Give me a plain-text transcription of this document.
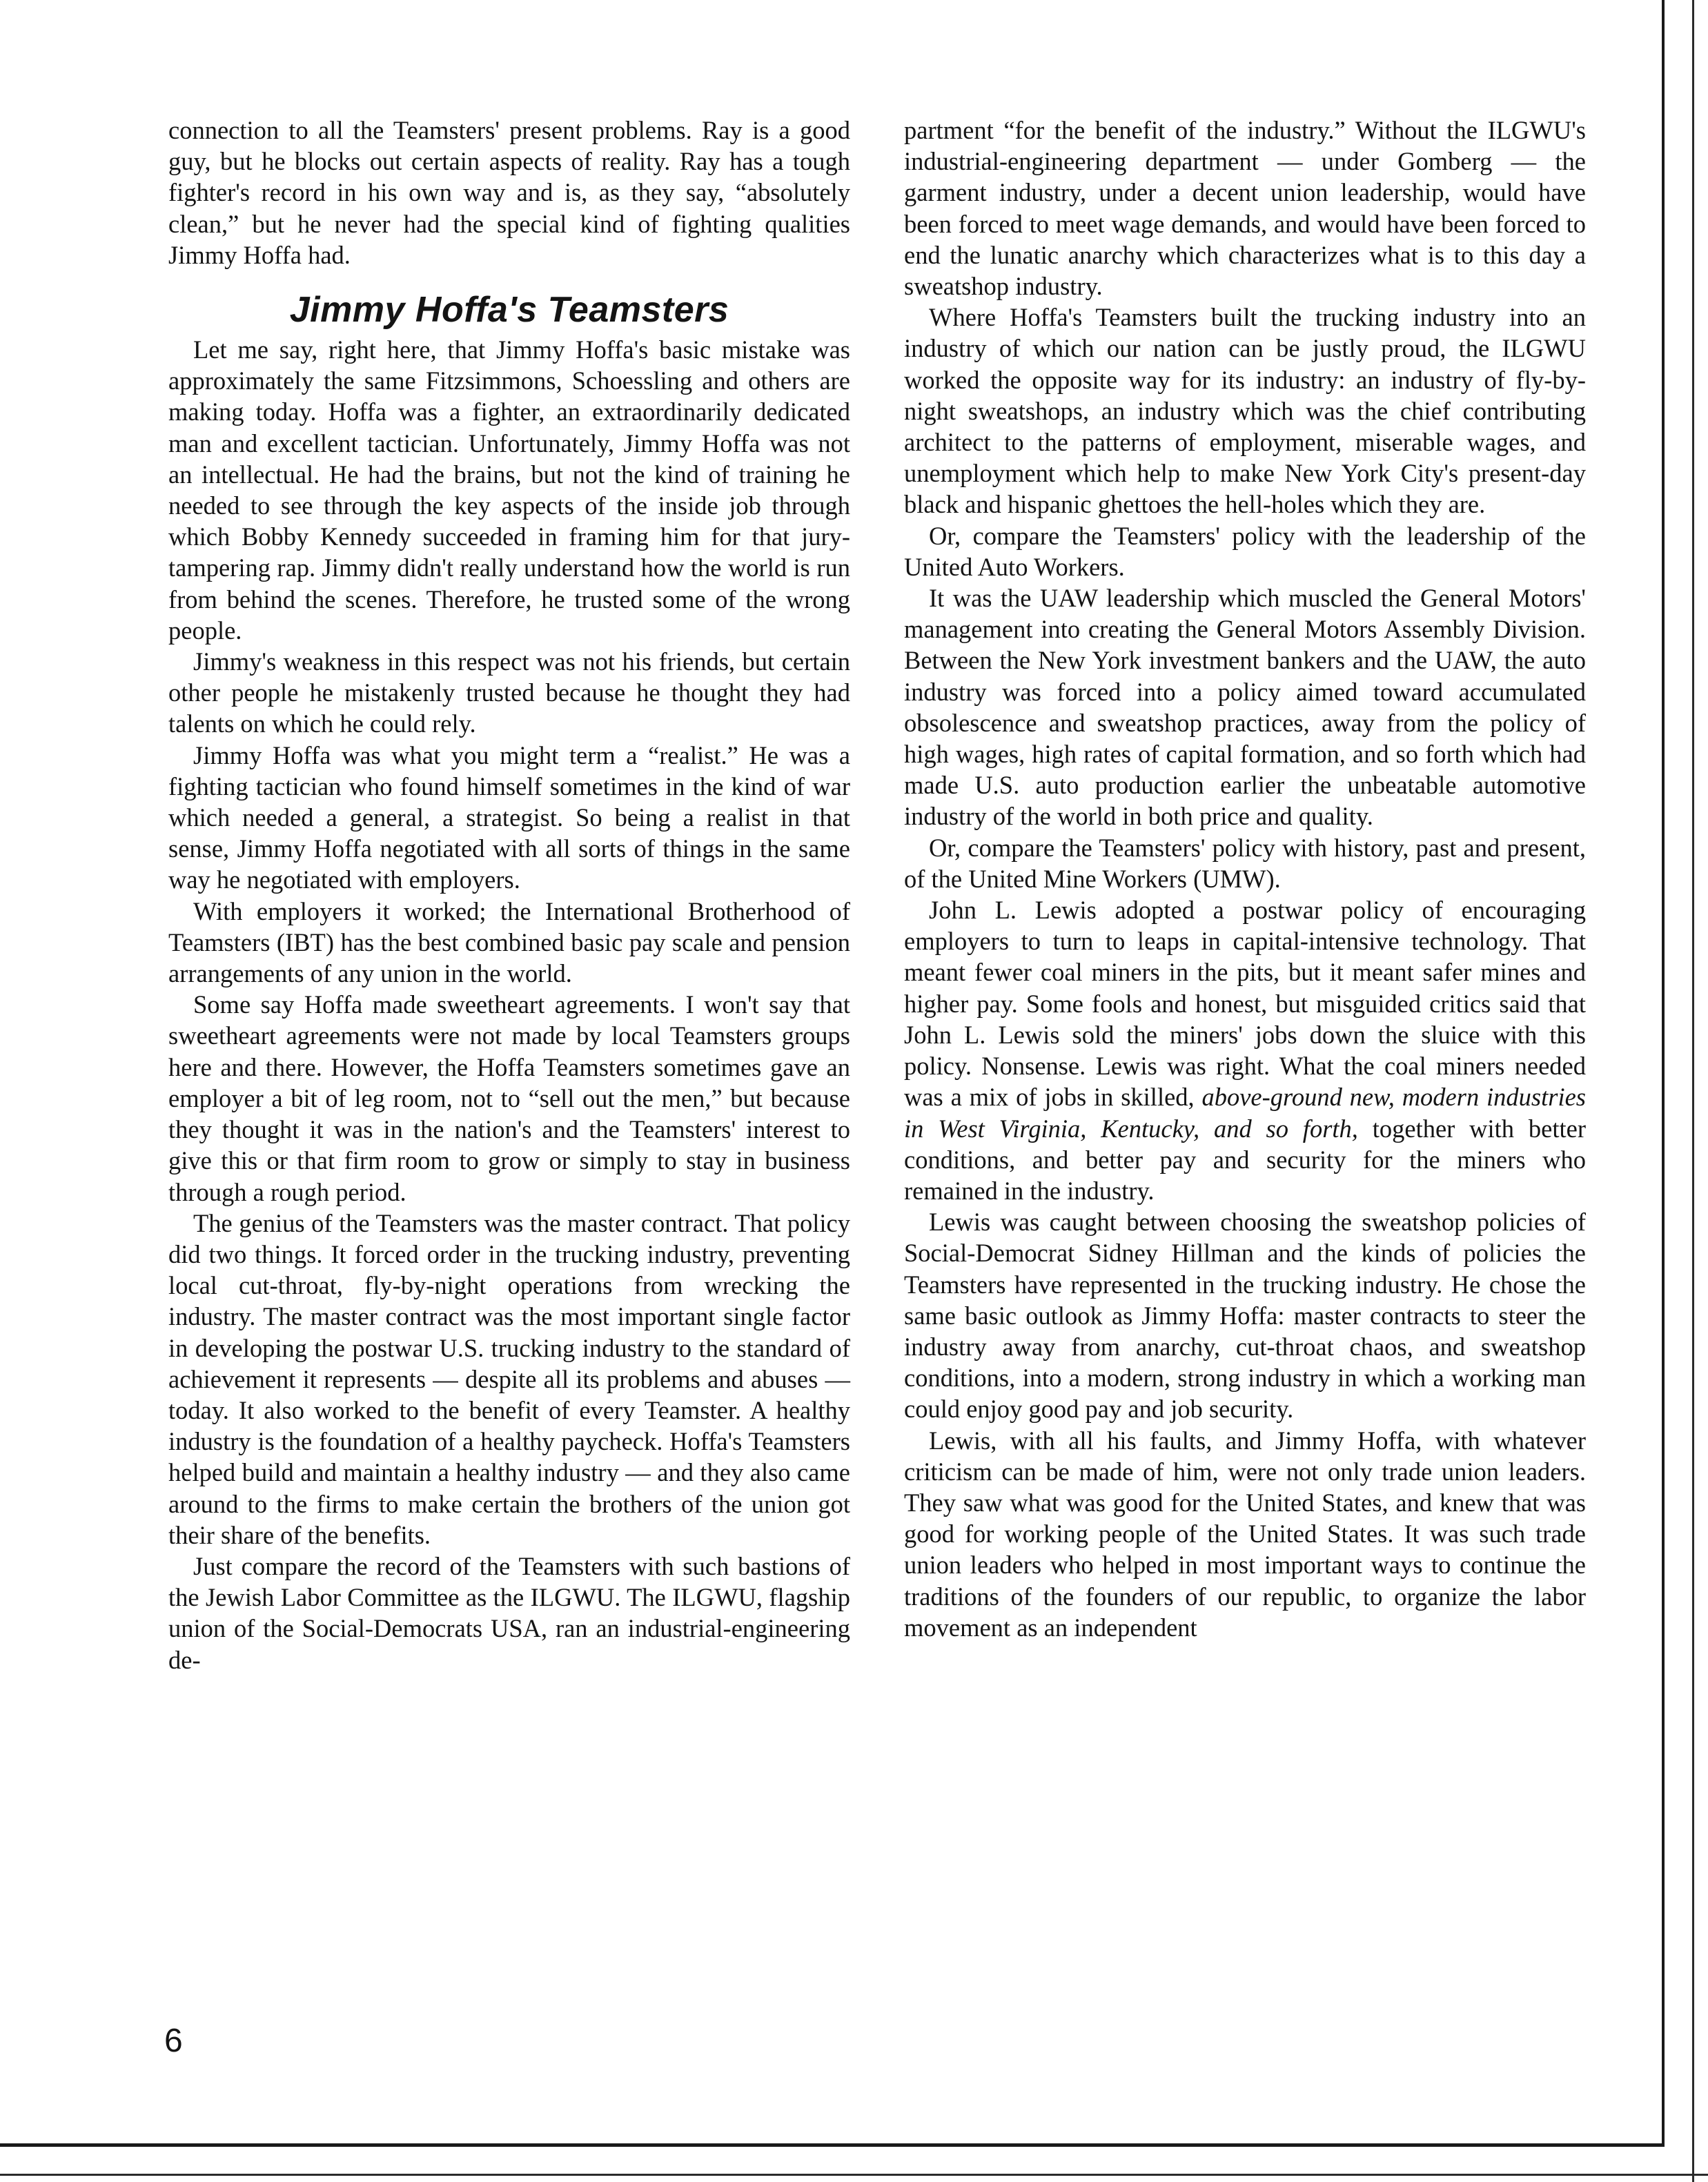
connection to all the Teamsters' present problems. Ray is a good guy, but he blocks out certain aspects of reality. Ray has a tough fighter's record in his own way and is, as they say, “absolutely clean,” but he never had the special kind of fighting qualities Jimmy Hoffa had.

Jimmy Hoffa's Teamsters

Let me say, right here, that Jimmy Hoffa's basic mistake was approximately the same Fitzsimmons, Schoessling and others are making today. Hoffa was a fighter, an extraordinarily dedicated man and excellent tactician. Unfortunately, Jimmy Hoffa was not an intellectual. He had the brains, but not the kind of training he needed to see through the key aspects of the inside job through which Bobby Kennedy succeeded in framing him for that jury-tampering rap. Jimmy didn't really understand how the world is run from behind the scenes. Therefore, he trusted some of the wrong people.

Jimmy's weakness in this respect was not his friends, but certain other people he mistakenly trusted because he thought they had talents on which he could rely.

Jimmy Hoffa was what you might term a “realist.” He was a fighting tactician who found himself sometimes in the kind of war which needed a general, a strategist. So being a realist in that sense, Jimmy Hoffa negotiated with all sorts of things in the same way he negotiated with employers.

With employers it worked; the International Brotherhood of Teamsters (IBT) has the best combined basic pay scale and pension arrangements of any union in the world.

Some say Hoffa made sweetheart agreements. I won't say that sweetheart agreements were not made by local Teamsters groups here and there. However, the Hoffa Teamsters sometimes gave an employer a bit of leg room, not to “sell out the men,” but because they thought it was in the nation's and the Teamsters' interest to give this or that firm room to grow or simply to stay in business through a rough period.

The genius of the Teamsters was the master contract. That policy did two things. It forced order in the trucking industry, preventing local cut-throat, fly-by-night operations from wrecking the industry. The master contract was the most important single factor in developing the postwar U.S. trucking industry to the standard of achievement it represents — despite all its problems and abuses — today. It also worked to the benefit of every Teamster. A healthy industry is the foundation of a healthy paycheck. Hoffa's Teamsters helped build and maintain a healthy industry — and they also came around to the firms to make certain the brothers of the union got their share of the benefits.

Just compare the record of the Teamsters with such bastions of the Jewish Labor Committee as the ILGWU. The ILGWU, flagship union of the Social-Democrats USA, ran an industrial-engineering de-

partment “for the benefit of the industry.” Without the ILGWU's industrial-engineering department — under Gomberg — the garment industry, under a decent union leadership, would have been forced to meet wage demands, and would have been forced to end the lunatic anarchy which characterizes what is to this day a sweatshop industry.

Where Hoffa's Teamsters built the trucking industry into an industry of which our nation can be justly proud, the ILGWU worked the opposite way for its industry: an industry of fly-by-night sweatshops, an industry which was the chief contributing architect to the patterns of employment, miserable wages, and unemployment which help to make New York City's present-day black and hispanic ghettoes the hell-holes which they are.

Or, compare the Teamsters' policy with the leadership of the United Auto Workers.

It was the UAW leadership which muscled the General Motors' management into creating the General Motors Assembly Division. Between the New York investment bankers and the UAW, the auto industry was forced into a policy aimed toward accumulated obsolescence and sweatshop practices, away from the policy of high wages, high rates of capital formation, and so forth which had made U.S. auto production earlier the unbeatable automotive industry of the world in both price and quality.

Or, compare the Teamsters' policy with history, past and present, of the United Mine Workers (UMW).

John L. Lewis adopted a postwar policy of encouraging employers to turn to leaps in capital-intensive technology. That meant fewer coal miners in the pits, but it meant safer mines and higher pay. Some fools and honest, but misguided critics said that John L. Lewis sold the miners' jobs down the sluice with this policy. Nonsense. Lewis was right. What the coal miners needed was a mix of jobs in skilled, above-ground new, modern industries in West Virginia, Kentucky, and so forth, together with better conditions, and better pay and security for the miners who remained in the industry.

Lewis was caught between choosing the sweatshop policies of Social-Democrat Sidney Hillman and the kinds of policies the Teamsters have represented in the trucking industry. He chose the same basic outlook as Jimmy Hoffa: master contracts to steer the industry away from anarchy, cut-throat chaos, and sweatshop conditions, into a modern, strong industry in which a working man could enjoy good pay and job security.

Lewis, with all his faults, and Jimmy Hoffa, with whatever criticism can be made of him, were not only trade union leaders. They saw what was good for the United States, and knew that was good for working people of the United States. It was such trade union leaders who helped in most important ways to continue the traditions of the founders of our republic, to organize the labor movement as an independent

6
